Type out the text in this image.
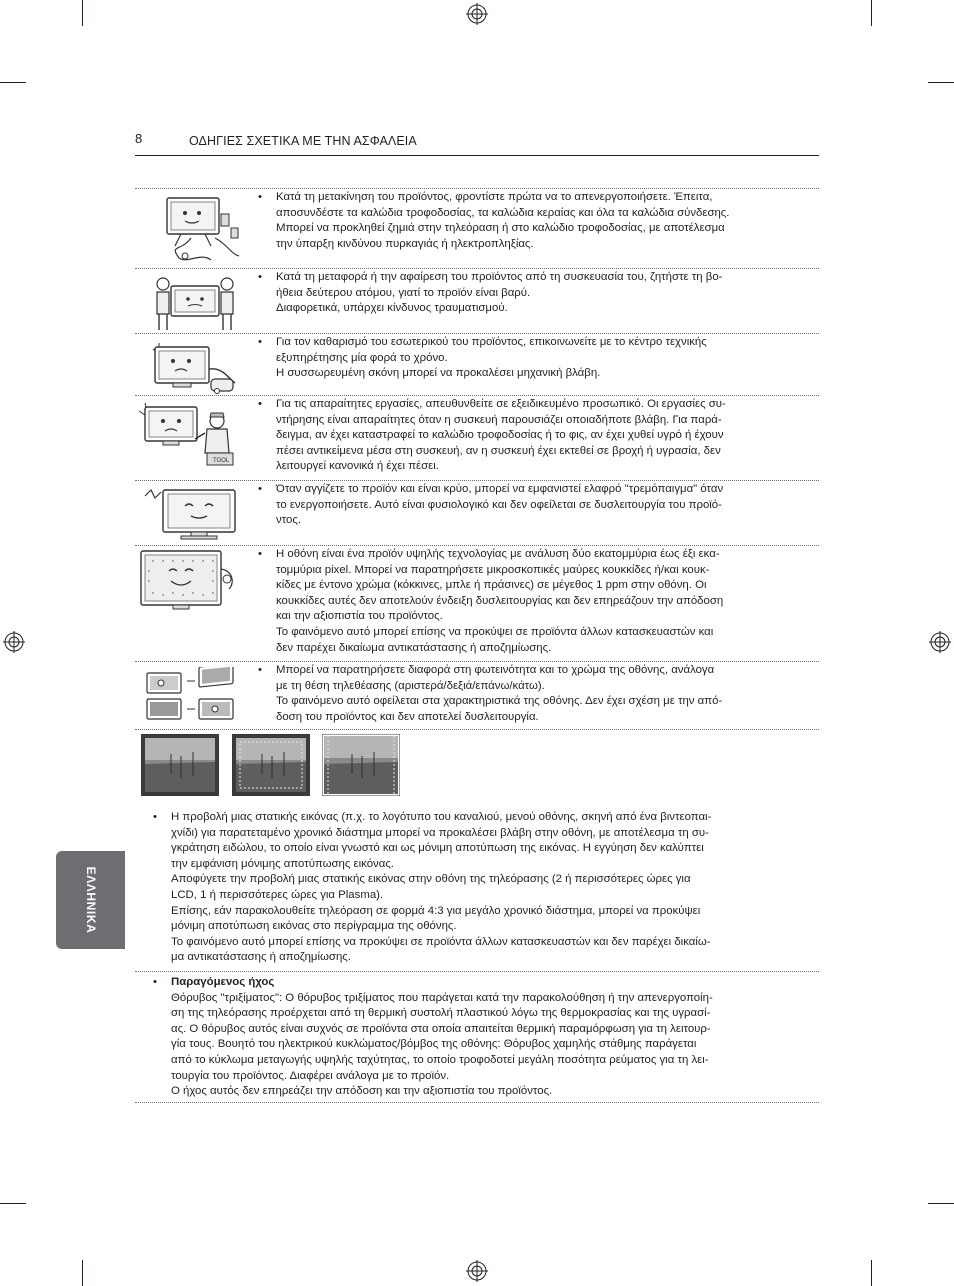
8	ΟΔΗΓΙΕΣ ΣΧΕΤΙΚΑ ΜΕ ΤΗΝ ΑΣΦΑΛΕΙΑ
• Κατά τη μετακίνηση του προϊόντος, φροντίστε πρώτα να το απενεργοποιήσετε. Έπειτα,

αποσυνδέστε τα καλώδια τροφοδοσίας, τα καλώδια κεραίας και όλα τα καλώδια σύνδεσης.

Μπορεί να προκληθεί ζημιά στην τηλεόραση ή στο καλώδιο τροφοδοσίας, με αποτέλεσμα

την ύπαρξη κινδύνου πυρκαγιάς ή ηλεκτροπληξίας.

• Κατά τη μεταφορά ή την αφαίρεση του προϊόντος από τη συσκευασία του, ζητήστε τη βο-

ήθεια δεύτερου ατόμου, γιατί το προϊόν είναι βαρύ.

Διαφορετικά, υπάρχει κίνδυνος τραυματισμού.

• Για τον καθαρισμό του εσωτερικού του προϊόντος, επικοινωνείτε με το κέντρο τεχνικής

εξυπηρέτησης μία φορά το χρόνο.

Η συσσωρευμένη σκόνη μπορεί να προκαλέσει μηχανική βλάβη.

TOOL
• Για τις απαραίτητες εργασίες, απευθυνθείτε σε εξειδικευμένο προσωπικό. Οι εργασίες συ-

ντήρησης είναι απαραίτητες όταν η συσκευή παρουσιάζει οποιαδήποτε βλάβη. Για παρά-

δειγμα, αν έχει καταστραφεί το καλώδιο τροφοδοσίας ή το φις, αν έχει χυθεί υγρό ή έχουν

πέσει αντικείμενα μέσα στη συσκευή, αν η συσκευή έχει εκτεθεί σε βροχή ή υγρασία, δεν

λειτουργεί κανονικά ή έχει πέσει.

• Όταν αγγίζετε το προϊόν και είναι κρύο, μπορεί να εμφανιστεί ελαφρό "τρεμόπαιγμα" όταν

το ενεργοποιήσετε. Αυτό είναι φυσιολογικό και δεν οφείλεται σε δυσλειτουργία του προϊό-

ντος.

• Η οθόνη είναι ένα προϊόν υψηλής τεχνολογίας με ανάλυση δύο εκατομμύρια έως έξι εκα-

τομμύρια pixel. Μπορεί να παρατηρήσετε μικροσκοπικές μαύρες κουκκίδες ή/και κουκ-

κίδες με έντονο χρώμα (κόκκινες, μπλε ή πράσινες) σε μέγεθος 1 ppm στην οθόνη. Οι

κουκκίδες αυτές δεν αποτελούν ένδειξη δυσλειτουργίας και δεν επηρεάζουν την απόδοση

και την αξιοπιστία του προϊόντος.

Το φαινόμενο αυτό μπορεί επίσης να προκύψει σε προϊόντα άλλων κατασκευαστών και

δεν παρέχει δικαίωμα αντικατάστασης ή αποζημίωσης.

• Μπορεί να παρατηρήσετε διαφορά στη φωτεινότητα και το χρώμα της οθόνης, ανάλογα

με τη θέση τηλεθέασης (αριστερά/δεξιά/επάνω/κάτω).

Το φαινόμενο αυτό οφείλεται στα χαρακτηριστικά της οθόνης. Δεν έχει σχέση με την από-

δοση του προϊόντος και δεν αποτελεί δυσλειτουργία.

• Η προβολή μιας στατικής εικόνας (π.χ. το λογότυπο του καναλιού, μενού οθόνης, σκηνή από ένα βιντεοπαι-

χνίδι) για παρατεταμένο χρονικό διάστημα μπορεί να προκαλέσει βλάβη στην οθόνη, με αποτέλεσμα τη συ-

γκράτηση ειδώλου, το οποίο είναι γνωστό και ως μόνιμη αποτύπωση της εικόνας. Η εγγύηση δεν καλύπτει

την εμφάνιση μόνιμης αποτύπωσης εικόνας.

Αποφύγετε την προβολή μιας στατικής εικόνας στην οθόνη της τηλεόρασης (2 ή περισσότερες ώρες για

LCD, 1 ή περισσότερες ώρες για Plasma).

Επίσης, εάν παρακολουθείτε τηλεόραση σε φορμά 4:3 για μεγάλο χρονικό διάστημα, μπορεί να προκύψει

μόνιμη αποτύπωση εικόνας στο περίγραμμα της οθόνης.

Το φαινόμενο αυτό μπορεί επίσης να προκύψει σε προϊόντα άλλων κατασκευαστών και δεν παρέχει δικαίω-

μα αντικατάστασης ή αποζημίωσης.

• Παραγόμενος ήχος

Θόρυβος "τριξίματος": Ο θόρυβος τριξίματος που παράγεται κατά την παρακολούθηση ή την απενεργοποίη-

ση της τηλεόρασης προέρχεται από τη θερμική συστολή πλαστικού λόγω της θερμοκρασίας και της υγρασί-

ας. Ο θόρυβος αυτός είναι συχνός σε προϊόντα στα οποία απαιτείται θερμική παραμόρφωση για τη λειτουρ-

γία τους. Βουητό του ηλεκτρικού κυκλώματος/βόμβος της οθόνης: Θόρυβος χαμηλής στάθμης παράγεται

από το κύκλωμα μεταγωγής υψηλής ταχύτητας, το οποίο τροφοδοτεί μεγάλη ποσότητα ρεύματος για τη λει-

τουργία του προϊόντος. Διαφέρει ανάλογα με το προϊόν.

Ο ήχος αυτός δεν επηρεάζει την απόδοση και την αξιοπιστία του προϊόντος.

ΕΛΛΗΝΙΚΑ
